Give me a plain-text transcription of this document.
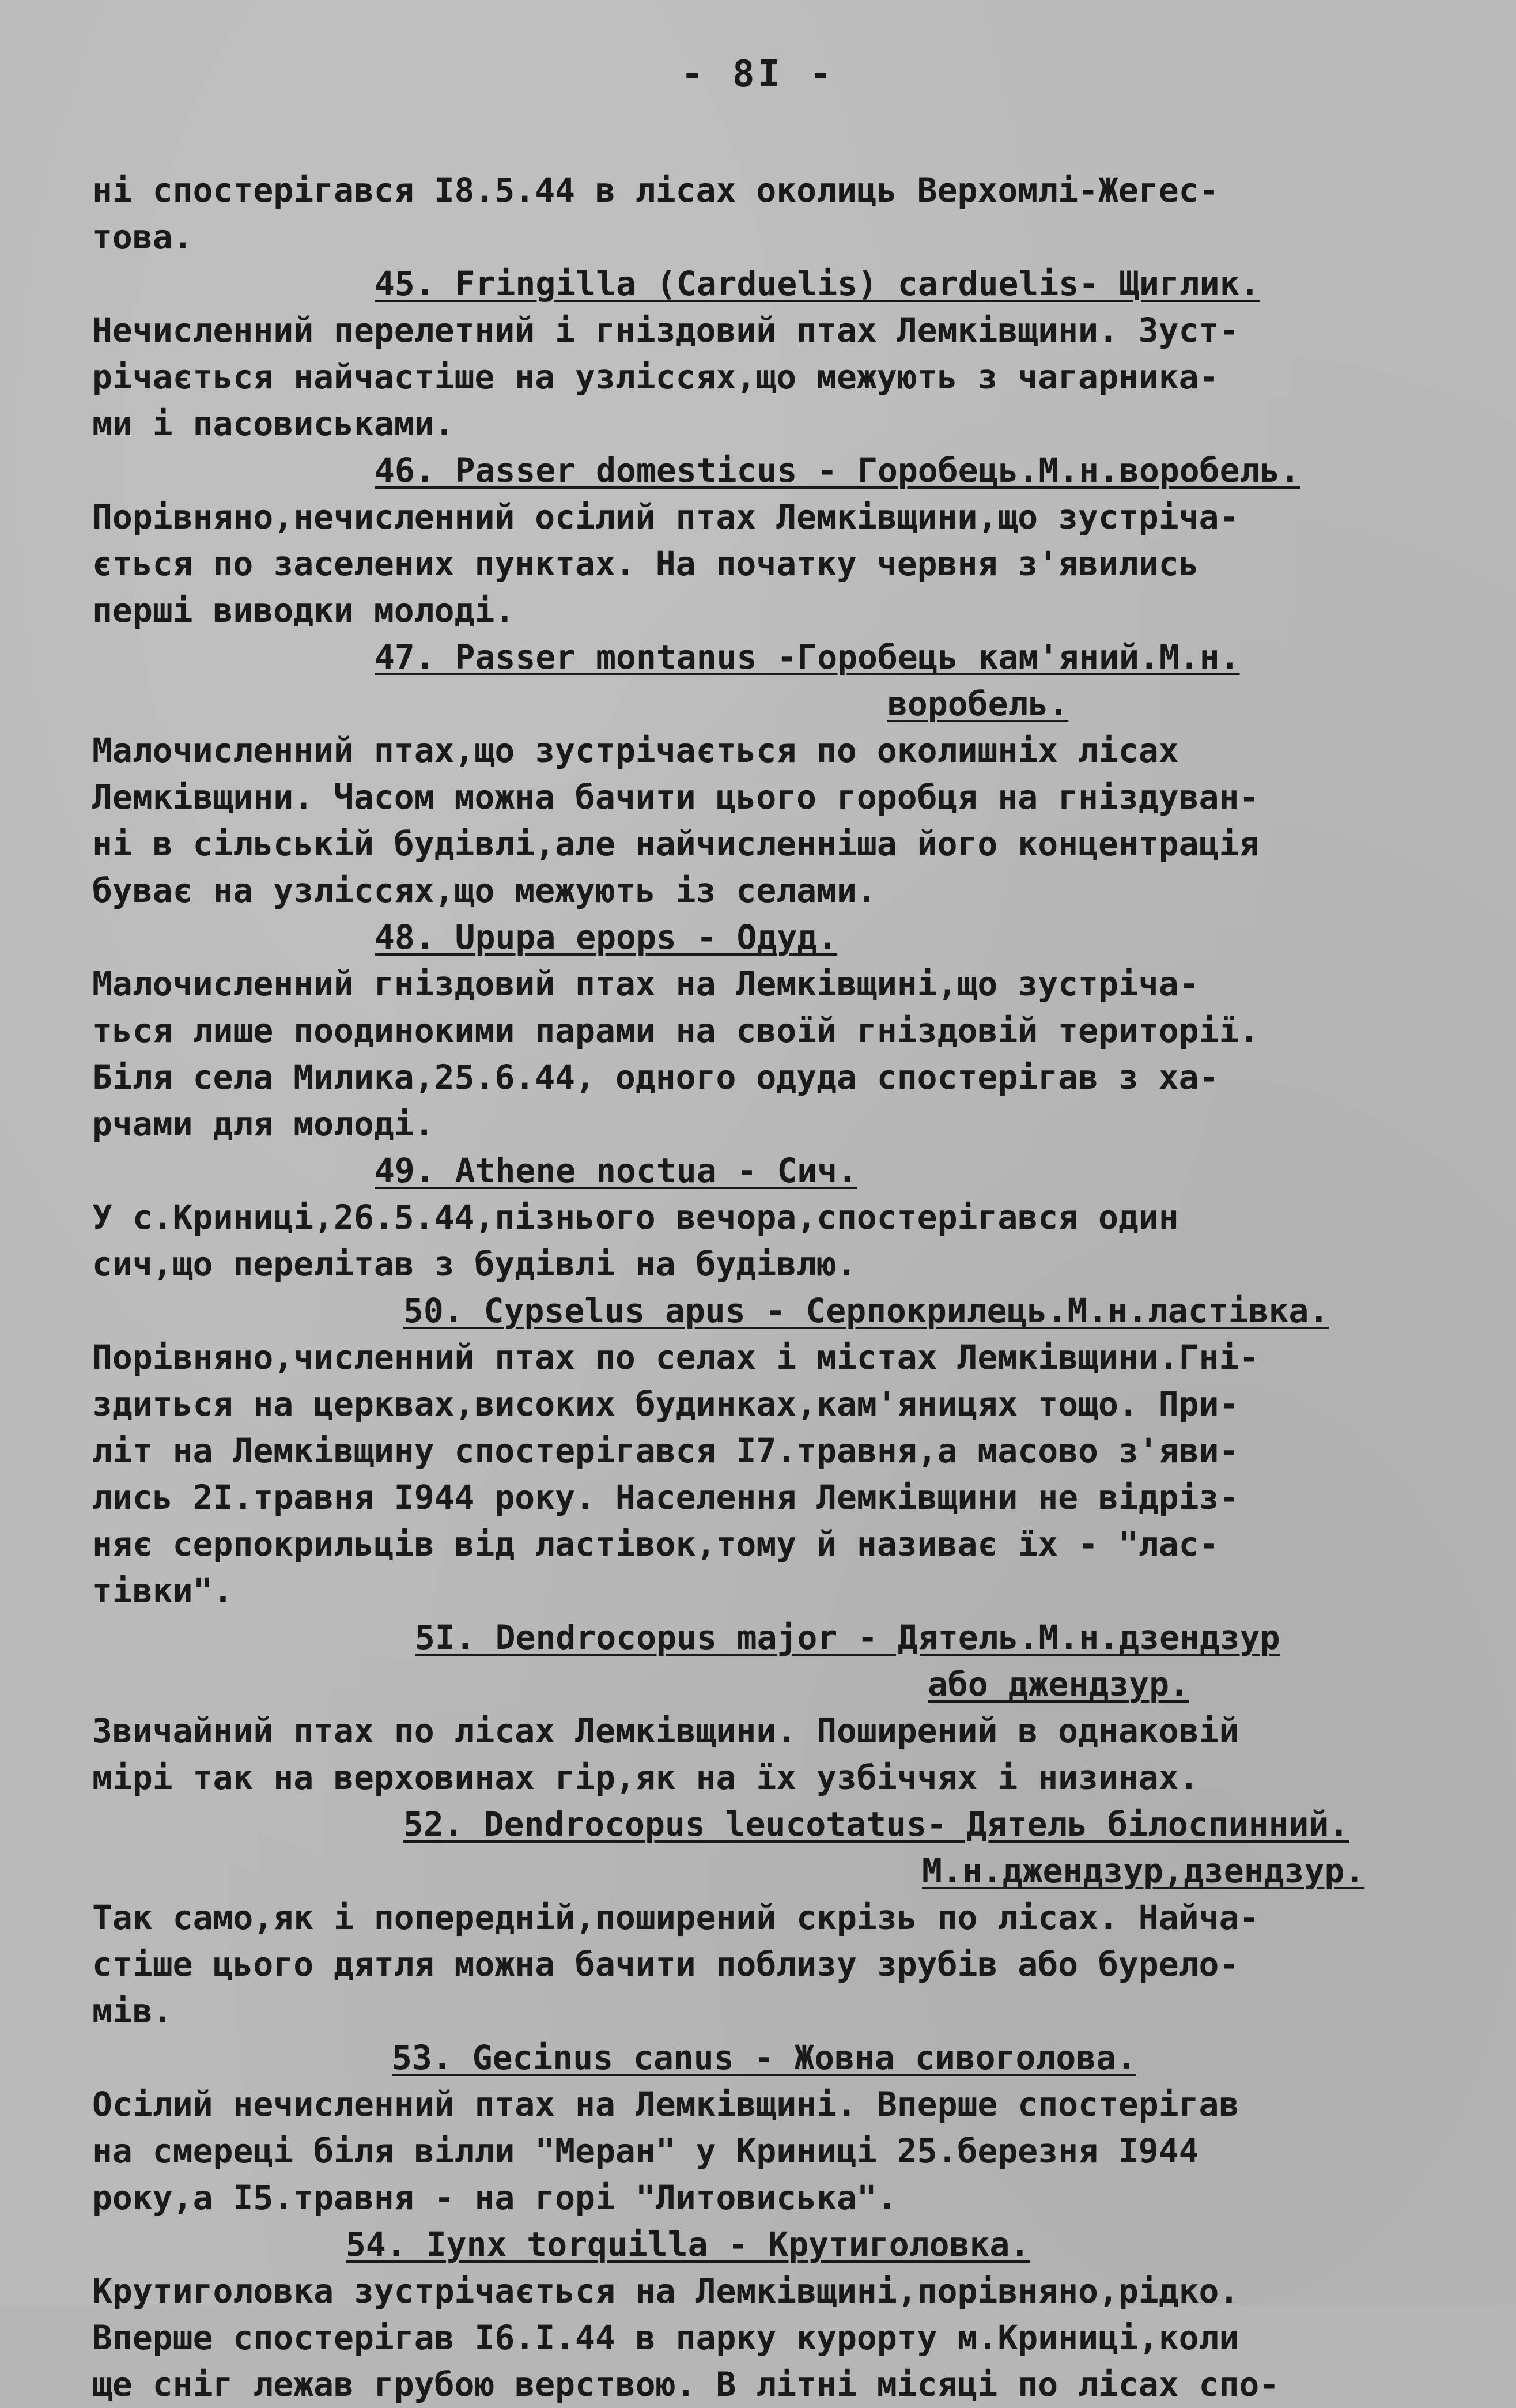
- 8I -
ні спостерігався I8.5.44 в лісах околиць Верхомлі-Жегес-
това.
45. Fringilla (Carduelis) carduelis- Щиглик.
Нечисленний перелетний і гніздовий птах Лемківщини. Зуст-
річається найчастіше на узліссях,що межують з чагарника-
ми і пасовиськами.
46. Passer domesticus - Горобець.М.н.воробель.
Порівняно,нечисленний осілий птах Лемківщини,що зустріча-
ється по заселених пунктах. На початку червня з'явились
перші виводки молоді.
47. Passer montanus -Горобець кам'яний.М.н.
воробель.
Малочисленний птах,що зустрічається по околишніх лісах
Лемківщини. Часом можна бачити цього горобця на гніздуван-
ні в сільській будівлі,але найчисленніша його концентрація
буває на узліссях,що межують із селами.
48. Upupa epops - Одуд.
Малочисленний гніздовий птах на Лемківщині,що зустріча-
ться лише поодинокими парами на своїй гніздовій території.
Біля села Милика,25.6.44, одного одуда спостерігав з ха-
рчами для молоді.
49. Athene noctua - Сич.
У с.Криниці,26.5.44,пізнього вечора,спостерігався один
сич,що перелітав з будівлі на будівлю.
50. Cypselus apus - Серпокрилець.М.н.ластівка.
Порівняно,численний птах по селах і містах Лемківщини.Гні-
здиться на церквах,високих будинках,кам'яницях тощо. При-
літ на Лемківщину спостерігався I7.травня,а масово з'яви-
лись 2I.травня I944 року. Населення Лемківщини не відріз-
няє серпокрильців від ластівок,тому й називає їх - "лас-
тівки".
5I. Dendrocopus major - Дятель.М.н.дзендзур
або джендзур.
Звичайний птах по лісах Лемківщини. Поширений в однаковій
мірі так на верховинах гір,як на їх узбіччях і низинах.
52. Dendrocopus leucotatus- Дятель білоспинний.
М.н.джендзур,дзендзур.
Так само,як і попередній,поширений скрізь по лісах. Найча-
стіше цього дятля можна бачити поблизу зрубів або бурело-
мів.
53. Gecinus canus - Жовна сивоголова.
Осілий нечисленний птах на Лемківщині. Вперше спостерігав
на смереці біля вілли "Меран" у Криниці 25.березня I944
року,а I5.травня - на горі "Литовиська".
54. Iynx torquilla - Крутиголовка.
Крутиголовка зустрічається на Лемківщині,порівняно,рідко.
Вперше спостерігав I6.I.44 в парку курорту м.Криниці,коли
ще сніг лежав грубою верствою. В літні місяці по лісах спо-
